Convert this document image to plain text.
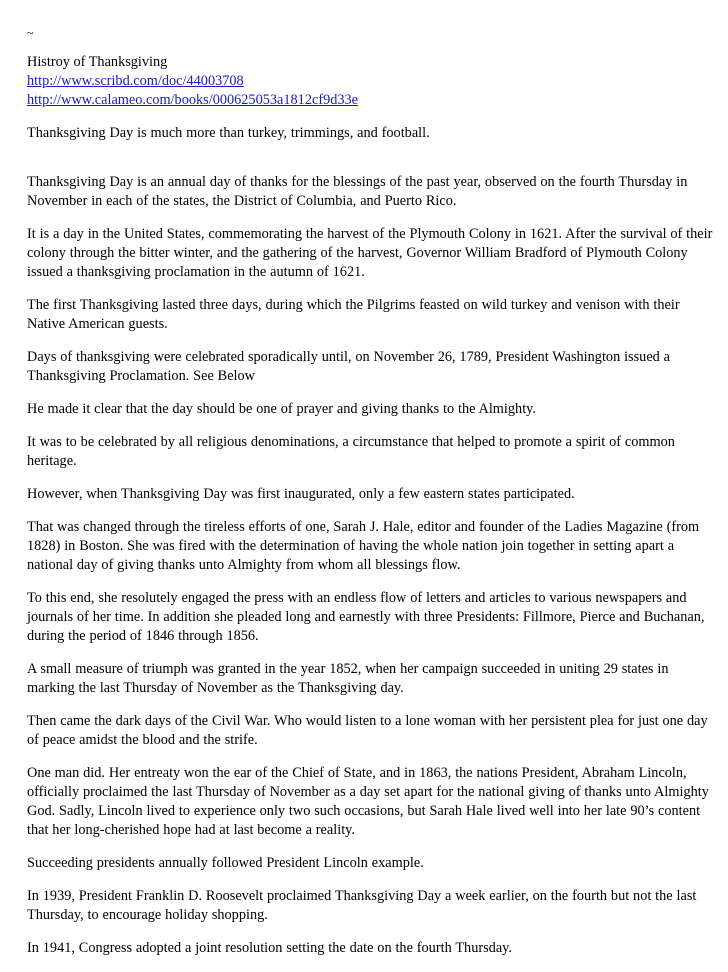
~
Histroy of Thanksgiving
http://www.scribd.com/doc/44003708
http://www.calameo.com/books/000625053a1812cf9d33e

Thanksgiving Day is much more than turkey, trimmings, and football.

Thanksgiving Day is an annual day of thanks for the blessings of the past year, observed on the fourth Thursday in November in each of the states, the District of Columbia, and Puerto Rico.

It is a day in the United States, commemorating the harvest of the Plymouth Colony in 1621. After the survival of their colony through the bitter winter, and the gathering of the harvest, Governor William Bradford of Plymouth Colony issued a thanksgiving proclamation in the autumn of 1621.

The first Thanksgiving lasted three days, during which the Pilgrims feasted on wild turkey and venison with their Native American guests.

Days of thanksgiving were celebrated sporadically until, on November 26, 1789, President Washington issued a Thanksgiving Proclamation. See Below

He made it clear that the day should be one of prayer and giving thanks to the Almighty.

It was to be celebrated by all religious denominations, a circumstance that helped to promote a spirit of common heritage.

However, when Thanksgiving Day was first inaugurated, only a few eastern states participated.

That was changed through the tireless efforts of one, Sarah J. Hale, editor and founder of the Ladies Magazine (from 1828) in Boston. She was fired with the determination of having the whole nation join together in setting apart a national day of giving thanks unto Almighty from whom all blessings flow.

To this end, she resolutely engaged the press with an endless flow of letters and articles to various newspapers and journals of her time. In addition she pleaded long and earnestly with three Presidents: Fillmore, Pierce and Buchanan, during the period of 1846 through 1856.

A small measure of triumph was granted in the year 1852, when her campaign succeeded in uniting 29 states in marking the last Thursday of November as the Thanksgiving day.

Then came the dark days of the Civil War. Who would listen to a lone woman with her persistent plea for just one day of peace amidst the blood and the strife.

One man did. Her entreaty won the ear of the Chief of State, and in 1863, the nations President, Abraham Lincoln, officially proclaimed the last Thursday of November as a day set apart for the national giving of thanks unto Almighty God. Sadly, Lincoln lived to experience only two such occasions, but Sarah Hale lived well into her late 90’s content that her long-cherished hope had at last become a reality.

Succeeding presidents annually followed President Lincoln example.

In 1939, President Franklin D. Roosevelt proclaimed Thanksgiving Day a week earlier, on the fourth but not the last Thursday, to encourage holiday shopping.

In 1941, Congress adopted a joint resolution setting the date on the fourth Thursday.
